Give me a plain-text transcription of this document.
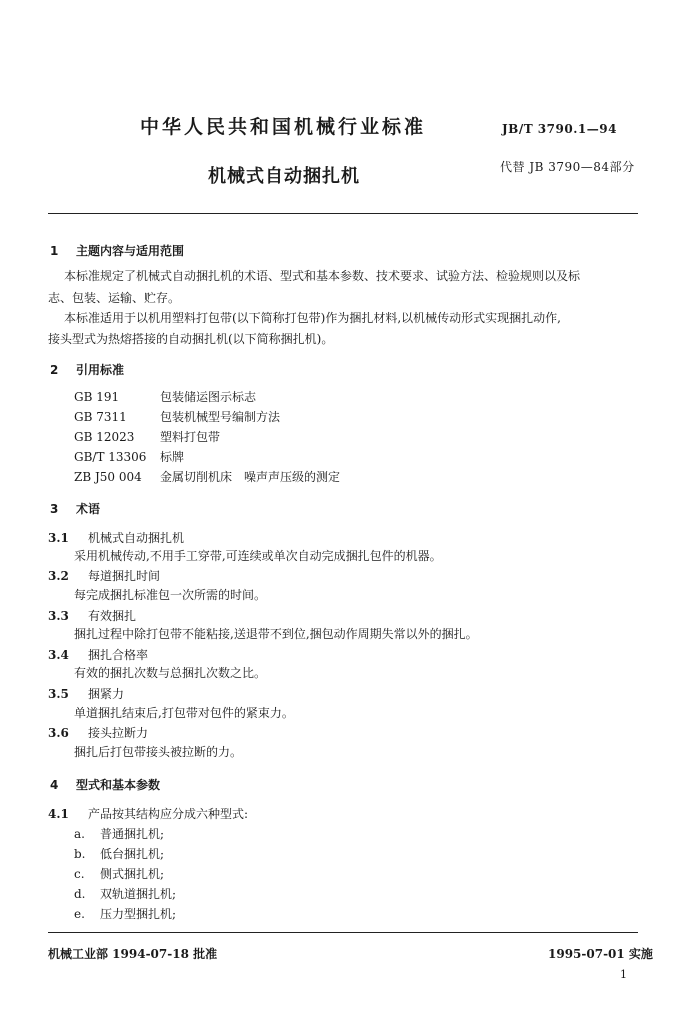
中华人民共和国机械行业标准	JB/T 3790.1—94
代替 JB 3790—84部分
机械式自动捆扎机
1 主题内容与适用范围
本标准规定了机械式自动捆扎机的术语、型式和基本参数、技术要求、试验方法、检验规则以及标
志、包装、运输、贮存。
本标准适用于以机用塑料打包带(以下简称打包带)作为捆扎材料,以机械传动形式实现捆扎动作,
接头型式为热熔搭接的自动捆扎机(以下简称捆扎机)。
2 引用标准
GB 191	包装储运图示标志
GB 7311	包装机械型号编制方法
GB 12023 塑料打包带
GB/T 13306 标牌
ZB J50 004 金属切削机床　噪声声压级的测定
3 术语
3.1 机械式自动捆扎机
采用机械传动,不用手工穿带,可连续或单次自动完成捆扎包件的机器。
3.2 每道捆扎时间
每完成捆扎标准包一次所需的时间。
3.3 有效捆扎
捆扎过程中除打包带不能粘接,送退带不到位,捆包动作周期失常以外的捆扎。
3.4 捆扎合格率
有效的捆扎次数与总捆扎次数之比。
3.5 捆紧力
单道捆扎结束后,打包带对包件的紧束力。
3.6 接头拉断力
捆扎后打包带接头被拉断的力。
4 型式和基本参数
4.1 产品按其结构应分成六种型式:
a. 普通捆扎机;
b. 低台捆扎机;
c. 侧式捆扎机;
d. 双轨道捆扎机;
e. 压力型捆扎机;
机械工业部 1994-07-18 批准	1995-07-01 实施
1
